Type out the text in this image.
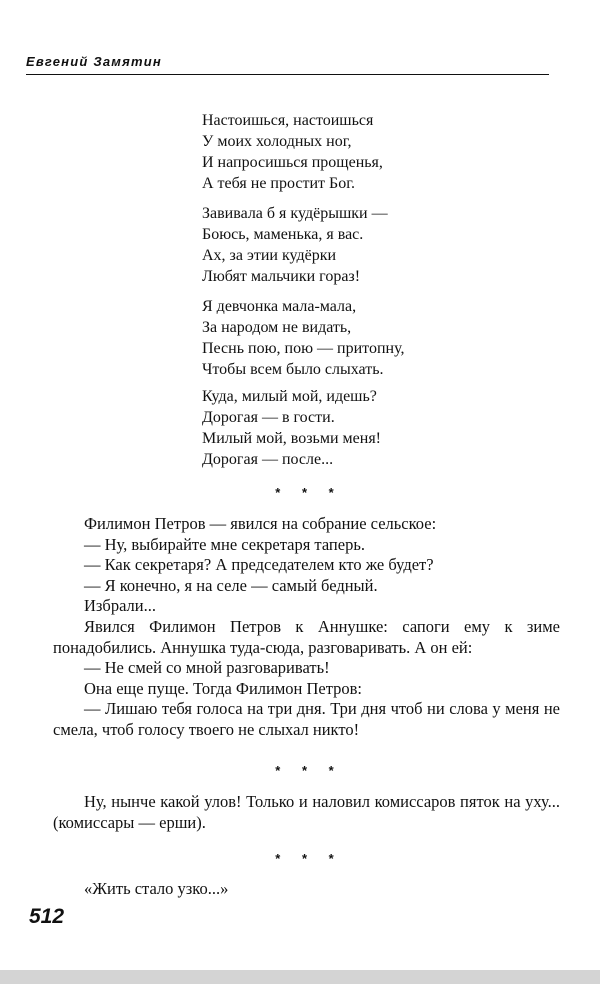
Евгений Замятин
Настоишься, настоишься
У моих холодных ног,
И напросишься прощенья,
А тебя не простит Бог.
Завивала б я кудёрышки —
Боюсь, маменька, я вас.
Ах, за этии кудёрки
Любят мальчики гораз!
Я девчонка мала-мала,
За народом не видать,
Песнь пою, пою — притопну,
Чтобы всем было слыхать.
Куда, милый мой, идешь?
Дорогая — в гости.
Милый мой, возьми меня!
Дорогая — после...
* * *
Филимон Петров — явился на собрание сельское:
— Ну, выбирайте мне секретаря таперь.
— Как секретаря? А председателем кто же будет?
— Я конечно, я на селе — самый бедный.
Избрали...
Явился Филимон Петров к Аннушке: сапоги ему к зиме понадобились. Аннушка туда-сюда, разговаривать. А он ей:
— Не смей со мной разговаривать!
Она еще пуще. Тогда Филимон Петров:
— Лишаю тебя голоса на три дня. Три дня чтоб ни слова у меня не смела, чтоб голосу твоего не слыхал никто!
* * *
Ну, нынче какой улов! Только и наловил комиссаров пяток на уху... (комиссары — ерши).
* * *
«Жить стало узко...»
512
